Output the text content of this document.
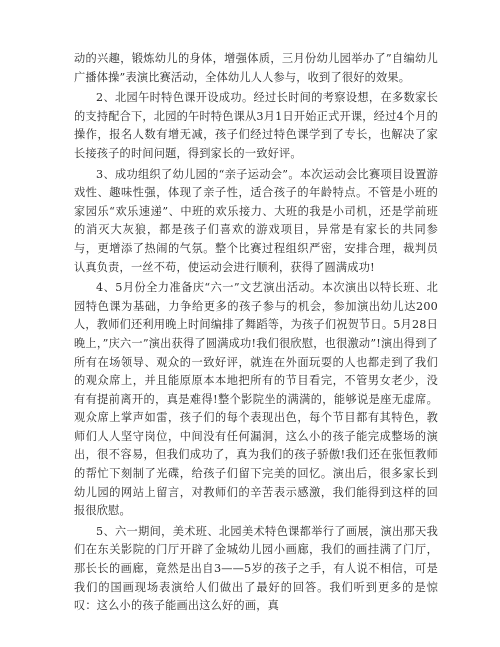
动的兴趣，锻炼幼儿的身体，增强体质，三月份幼儿园举办了”自编幼儿广播体操”表演比赛活动，全体幼儿人人参与，收到了很好的效果。

2、北园午时特色课开设成功。经过长时间的考察设想，在多数家长的支持配合下，北园的午时特色课从3月1日开始正式开课，经过4个月的操作，报名人数有增无减，孩子们经过特色课学到了专长，也解决了家长接孩子的时间问题，得到家长的一致好评。

3、成功组织了幼儿园的“亲子运动会”。本次运动会比赛项目设置游戏性、趣味性强，体现了亲子性，适合孩子的年龄特点。不管是小班的家园乐“欢乐速递”、中班的欢乐接力、大班的我是小司机，还是学前班的消灭大灰狼，都是孩子们喜欢的游戏项目，异常是有家长的共同参与，更增添了热闹的气氛。整个比赛过程组织严密，安排合理，裁判员认真负责，一丝不苟，使运动会进行顺利，获得了圆满成功!

4、5月份全力准备庆“六一”文艺演出活动。本次演出以特长班、北园特色课为基础，力争给更多的孩子参与的机会，参加演出幼儿达200人，教师们还利用晚上时间编排了舞蹈等，为孩子们祝贺节日。5月28日晚上，”庆六一”演出获得了圆满成功!我们很欣慰，也很激动”!演出得到了所有在场领导、观众的一致好评，就连在外面玩耍的人也都走到了我们的观众席上，并且能原原本本地把所有的节目看完，不管男女老少，没有有提前离开的，真是难得!整个影院坐的满满的，能够说是座无虚席。观众席上掌声如雷，孩子们的每个表现出色，每个节目都有其特色，教师们人人坚守岗位，中间没有任何漏洞，这么小的孩子能完成整场的演出，很不容易，但我们成功了，真为我们的孩子骄傲!我们还在张恒教师的帮忙下刻制了光碟，给孩子们留下完美的回忆。演出后，很多家长到幼儿园的网站上留言，对教师们的辛苦表示感激，我们能得到这样的回报很欣慰。

5、六一期间，美术班、北园美术特色课都举行了画展，演出那天我们在东关影院的门厅开辟了金城幼儿园小画廊，我们的画挂满了门厅，那长长的画廊，竟然是出自3——5岁的孩子之手，有人说不相信，可是我们的国画现场表演给人们做出了最好的回答。我们听到更多的是惊叹：这么小的孩子能画出这么好的画，真
